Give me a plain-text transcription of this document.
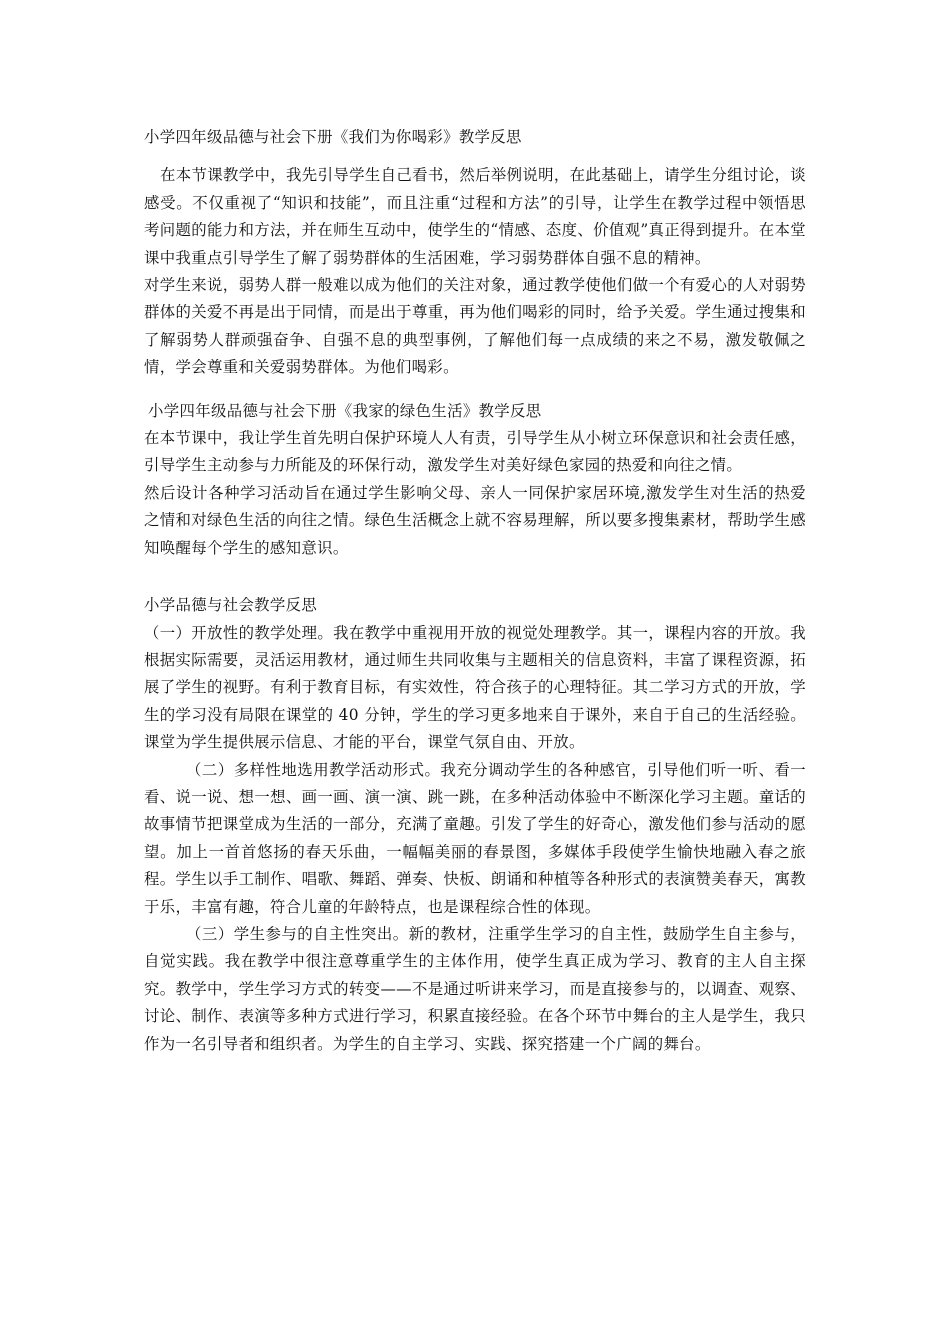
小学四年级品德与社会下册《我们为你喝彩》教学反思

在本节课教学中，我先引导学生自己看书，然后举例说明，在此基础上，请学生分组讨论，谈感受。不仅重视了“知识和技能”，而且注重“过程和方法”的引导，让学生在教学过程中领悟思考问题的能力和方法，并在师生互动中，使学生的“情感、态度、价值观”真正得到提升。在本堂课中我重点引导学生了解了弱势群体的生活困难，学习弱势群体自强不息的精神。

对学生来说，弱势人群一般难以成为他们的关注对象，通过教学使他们做一个有爱心的人对弱势群体的关爱不再是出于同情，而是出于尊重，再为他们喝彩的同时，给予关爱。学生通过搜集和了解弱势人群顽强奋争、自强不息的典型事例，了解他们每一点成绩的来之不易，激发敬佩之情，学会尊重和关爱弱势群体。为他们喝彩。

小学四年级品德与社会下册《我家的绿色生活》教学反思

在本节课中，我让学生首先明白保护环境人人有责，引导学生从小树立环保意识和社会责任感，引导学生主动参与力所能及的环保行动，激发学生对美好绿色家园的热爱和向往之情。

然后设计各种学习活动旨在通过学生影响父母、亲人一同保护家居环境,激发学生对生活的热爱之情和对绿色生活的向往之情。绿色生活概念上就不容易理解，所以要多搜集素材，帮助学生感知唤醒每个学生的感知意识。

小学品德与社会教学反思

（一）开放性的教学处理。我在教学中重视用开放的视觉处理教学。其一，课程内容的开放。我根据实际需要，灵活运用教材，通过师生共同收集与主题相关的信息资料，丰富了课程资源，拓展了学生的视野。有利于教育目标，有实效性，符合孩子的心理特征。其二学习方式的开放，学生的学习没有局限在课堂的 40 分钟，学生的学习更多地来自于课外，来自于自己的生活经验。课堂为学生提供展示信息、才能的平台，课堂气氛自由、开放。

（二）多样性地选用教学活动形式。我充分调动学生的各种感官，引导他们听一听、看一看、说一说、想一想、画一画、演一演、跳一跳，在多种活动体验中不断深化学习主题。童话的故事情节把课堂成为生活的一部分，充满了童趣。引发了学生的好奇心，激发他们参与活动的愿望。加上一首首悠扬的春天乐曲，一幅幅美丽的春景图，多媒体手段使学生愉快地融入春之旅程。学生以手工制作、唱歌、舞蹈、弹奏、快板、朗诵和种植等各种形式的表演赞美春天，寓教于乐，丰富有趣，符合儿童的年龄特点，也是课程综合性的体现。

（三）学生参与的自主性突出。新的教材，注重学生学习的自主性，鼓励学生自主参与，自觉实践。我在教学中很注意尊重学生的主体作用，使学生真正成为学习、教育的主人自主探究。教学中，学生学习方式的转变——不是通过听讲来学习，而是直接参与的，以调查、观察、讨论、制作、表演等多种方式进行学习，积累直接经验。在各个环节中舞台的主人是学生，我只作为一名引导者和组织者。为学生的自主学习、实践、探究搭建一个广阔的舞台。
